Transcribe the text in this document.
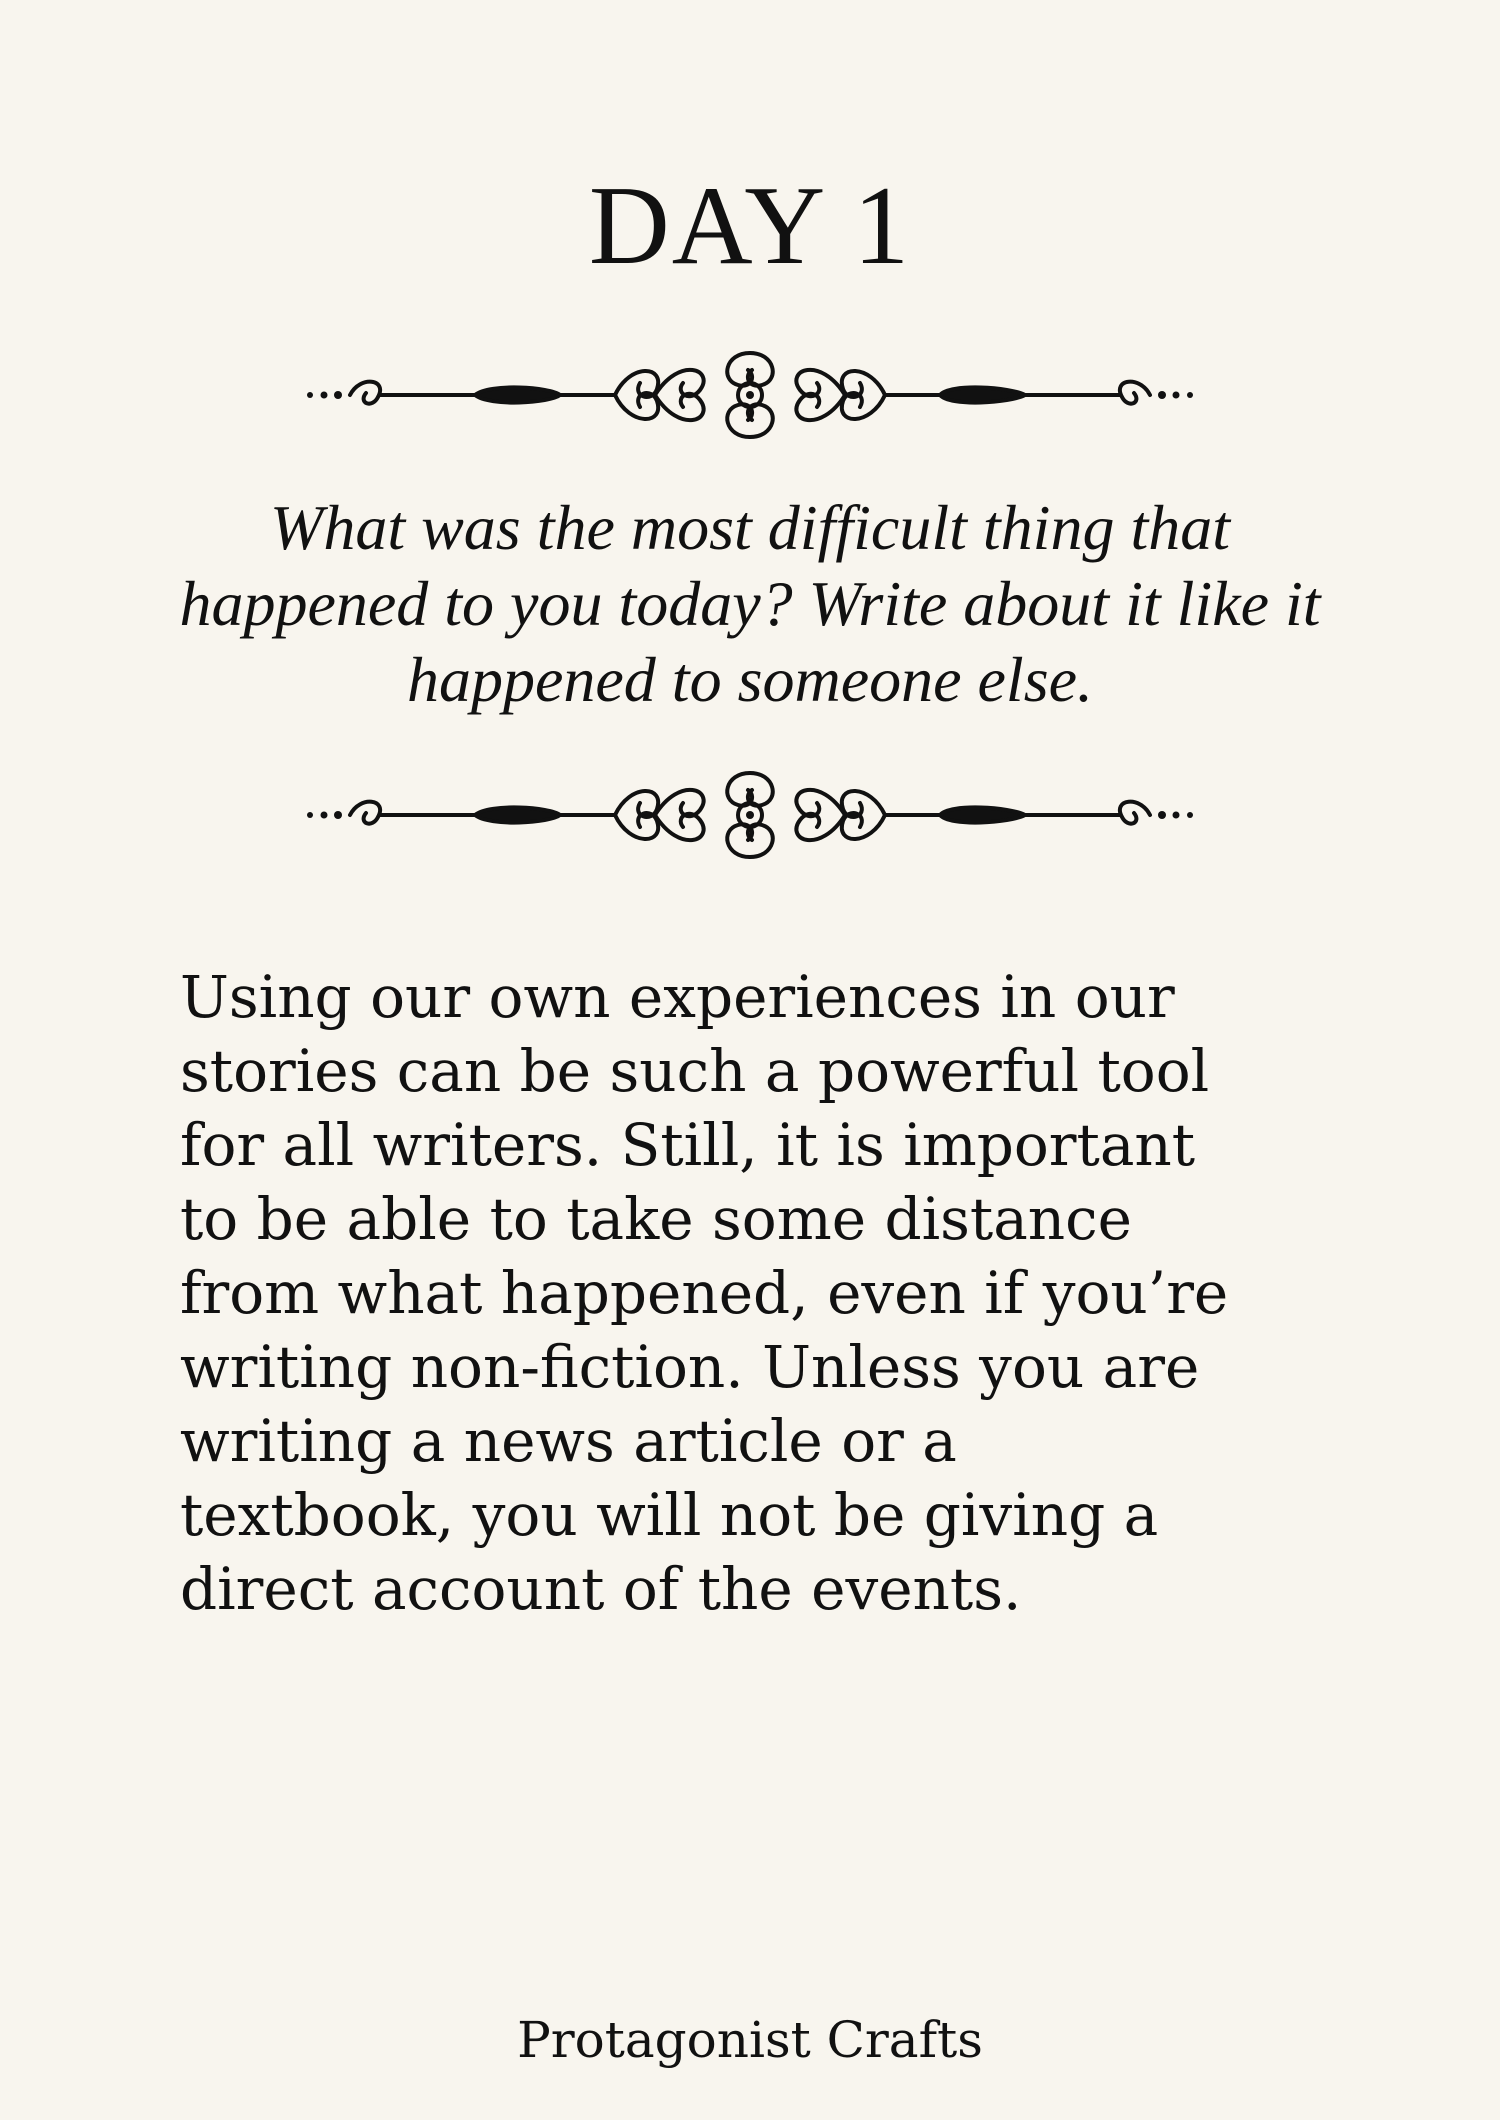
DAY 1
What was the most difficult thing that happened to you today? Write about it like it happened to someone else.
Using our own experiences in our
stories can be such a powerful tool
for all writers. Still, it is important
to be able to take some distance
from what happened, even if you’re
writing non-fiction. Unless you are
writing a news article or a
textbook, you will not be giving a
direct account of the events.
Protagonist Crafts
